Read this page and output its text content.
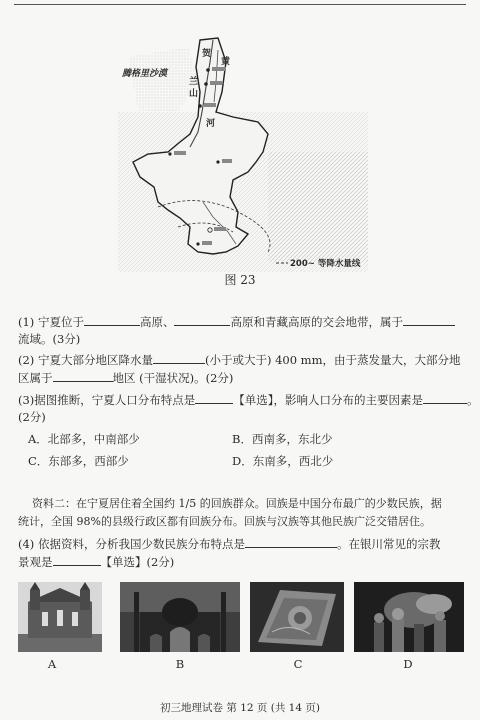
腾格里沙漠
贺
兰
山
黄
河
200~ 等降水量线
图 23
(1) 宁夏位于	高原、	高原和青藏高原的交会地带，属于
流域。(3分)
(2) 宁夏大部分地区降水量	(小于或大于) 400 mm，由于蒸发量大，大部分地
区属于	地区 (干湿状况)。(2分)
(3)据图推断，宁夏人口分布特点是	【单选】，影响人口分布的主要因素是	。
(2分)
A．北部多，中南部少	B．西南多，东北少
C．东部多，西部少	D．东南多，西北少
资料二：在宁夏居住着全国约 1/5 的回族群众。回族是中国分布最广的少数民族，据
统计，全国 98%的县级行政区都有回族分布。回族与汉族等其他民族广泛交错居住。
(4) 依据资料，分析我国少数民族分布特点是	。在银川常见的宗教
景观是	【单选】(2分)
A	B	C	D
初三地理试卷 第 12 页 (共 14 页)
